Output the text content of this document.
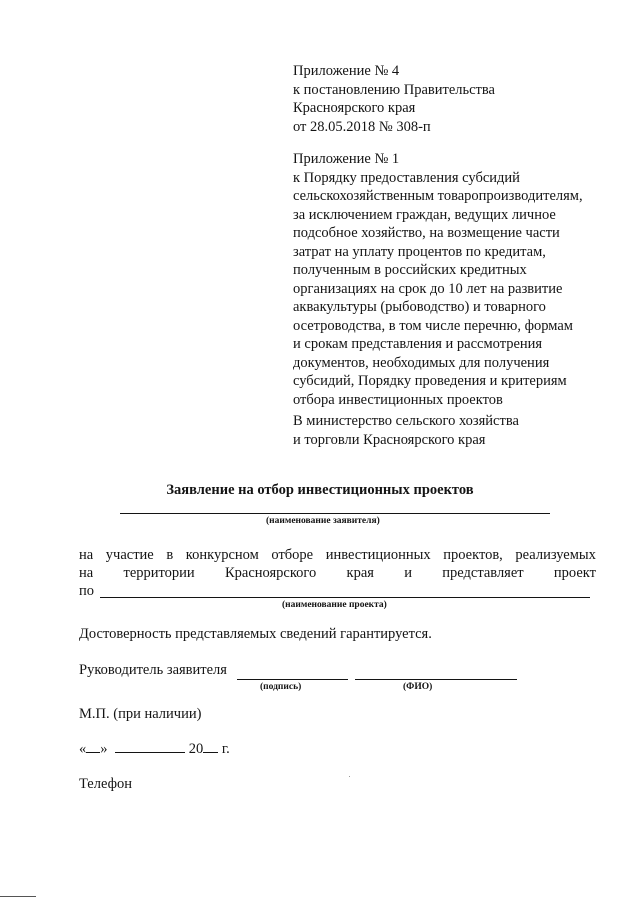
Приложение № 4
к постановлению Правительства
Красноярского края
от 28.05.2018 № 308-п
Приложение № 1
к Порядку предоставления субсидий
сельскохозяйственным товаропроизводителям,
за исключением граждан, ведущих личное
подсобное хозяйство, на возмещение части
затрат на уплату процентов по кредитам,
полученным в российских кредитных
организациях на срок до 10 лет на развитие
аквакультуры (рыбоводство) и товарного
осетроводства, в том числе перечню, формам
и срокам представления и рассмотрения
документов, необходимых для получения
субсидий, Порядку проведения и критериям
отбора инвестиционных проектов
В министерство сельского хозяйства
и торговли Красноярского края
Заявление на отбор инвестиционных проектов
(наименование заявителя)
на участие в конкурсном отборе инвестиционных проектов, реализуемых
на территории Красноярского края и представляет проект
по
(наименование проекта)
Достоверность представляемых сведений гарантируется.
Руководитель заявителя
(подпись)	(ФИО)
М.П. (при наличии)
« »	20 г.
Телефон
